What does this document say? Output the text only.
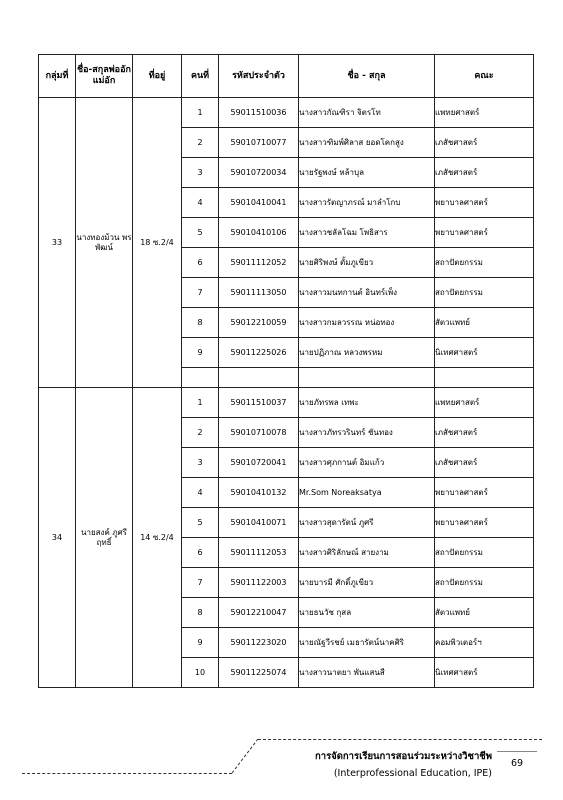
กลุ่มที่	ชื่อ-สกุลพ่ออักแม่อัก	ที่อยู่	คนที่	รหัสประจำตัว	ชื่อ - สกุล	คณะ
33	นางทองม้วน พรพัฒน์	18 ซ.2/4	1	59011510036	นางสาวกัณฑิรา จิตรโท	แพทยศาสตร์
			2	59010710077	นางสาวฑิมพ์ศิลาส ยอดโคกสูง	เภสัชศาสตร์
			3	59010720034	นายรัฐพงษ์ หล้าบุล	เภสัชศาสตร์
			4	59010410041	นางสาวรัตญาภรณ์ มาลำโกบ	พยาบาลศาสตร์
			5	59010410106	นางสาวชลัลโฉม โพธิสาร	พยาบาลศาสตร์
			6	59011112052	นายศิริพงษ์ ตั้มภูเขียว	สถาปัตยกรรม
			7	59011113050	นางสาวมนทกานต์ อินทร์เพ็ง	สถาปัตยกรรม
			8	59012210059	นางสาวกมลวรรณ หน่อทอง	สัตวแพทย์
			9	59011225026	นายปฏิภาณ หลวงพรหม	นิเทศศาสตร์

34	นายสงค์ ภูศรี ฤทธิ์	14 ซ.2/4	1	59011510037	นายภัทรพล เทพะ	แพทยศาสตร์
			2	59010710078	นางสาวภัทรวรินทร์ ชันทอง	เภสัชศาสตร์
			3	59010720041	นางสาวศุภกานต์ อิมแก้ว	เภสัชศาสตร์
			4	59010410132	Mr.Som Noreaksatya	พยาบาลศาสตร์
			5	59010410071	นางสาวสุดารัตน์ ภูศรี	พยาบาลศาสตร์
			6	59011112053	นางสาวศิริลักษณ์ สายงาม	สถาปัตยกรรม
			7	59011122003	นายบารมี ศักดิ์ภูเขียว	สถาปัตยกรรม
			8	59012210047	นายธนวัช กุสล	สัตวแพทย์
			9	59011223020	นายณัฐวีรชย์ เมธารัตน์นาคศิริ	คอมพิวเตอร์ฯ
			10	59011225074	นางสาวนาตยา พันแสนสี	นิเทศศาสตร์
การจัดการเรียนการสอนร่วมระหว่างวิชาชีพ
(Interprofessional Education, IPE)
69
